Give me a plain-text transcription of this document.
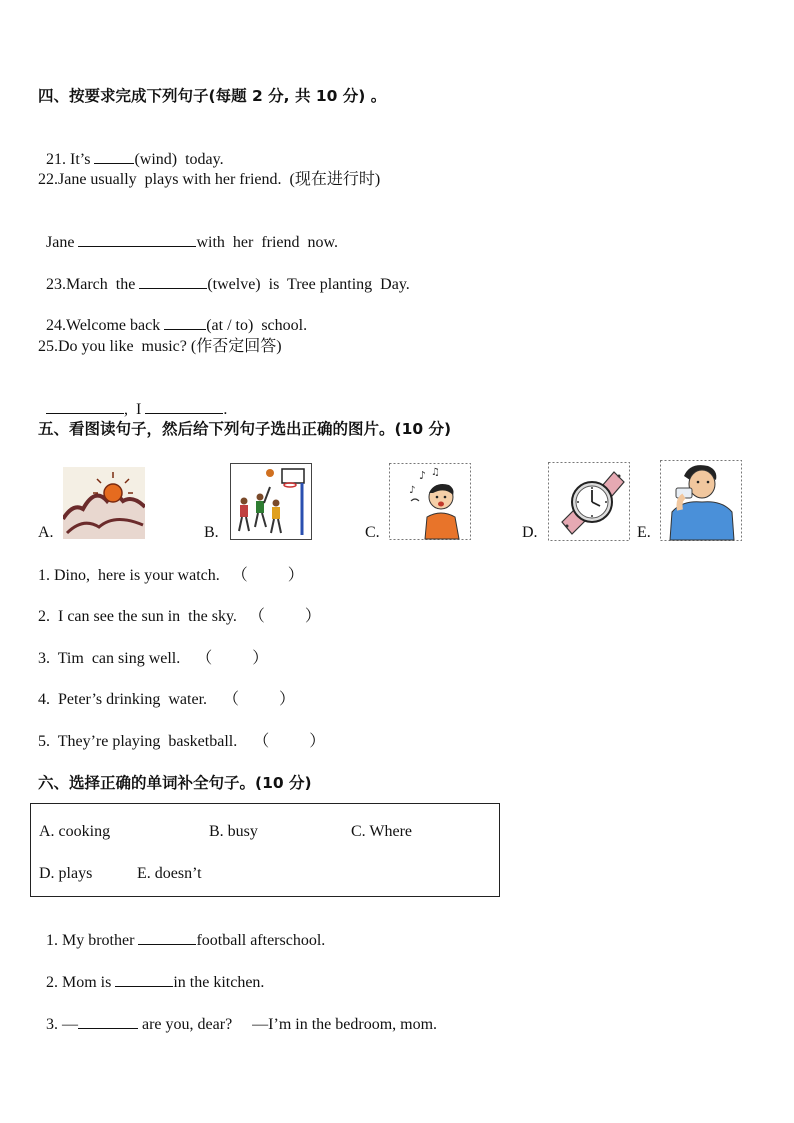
四、按要求完成下列句子(每题 2 分, 共 10 分) 。

21. It’s	(wind)  today.

22.Jane usually  plays with her friend.  (现在进行时)

Jane	with  her  friend  now.

23.March  the	(twelve)  is  Tree planting  Day.

24.Welcome back	(at / to)  school.

25.Do you like  music? (作否定回答)

,  I	.

五、看图读句子，然后给下列句子选出正确的图片。(10 分)
A.	B.	C.
♪ ♫
♪
D.	E.
1. Dino,  here is your watch.   （          ）
2.  I can see the sun in  the sky.   （          ）
3.  Tim  can sing well.    （          ）
4.  Peter’s drinking  water.    （          ）
5.  They’re playing  basketball.    （          ）
六、选择正确的单词补全句子。(10 分)
A. cooking	B. busy	C. Where
D. plays	E. doesn’t

1. My brother	football afterschool.

2. Mom is	in the kitchen.

3. —	are you, dear?     —I’m in the bedroom, mom.
